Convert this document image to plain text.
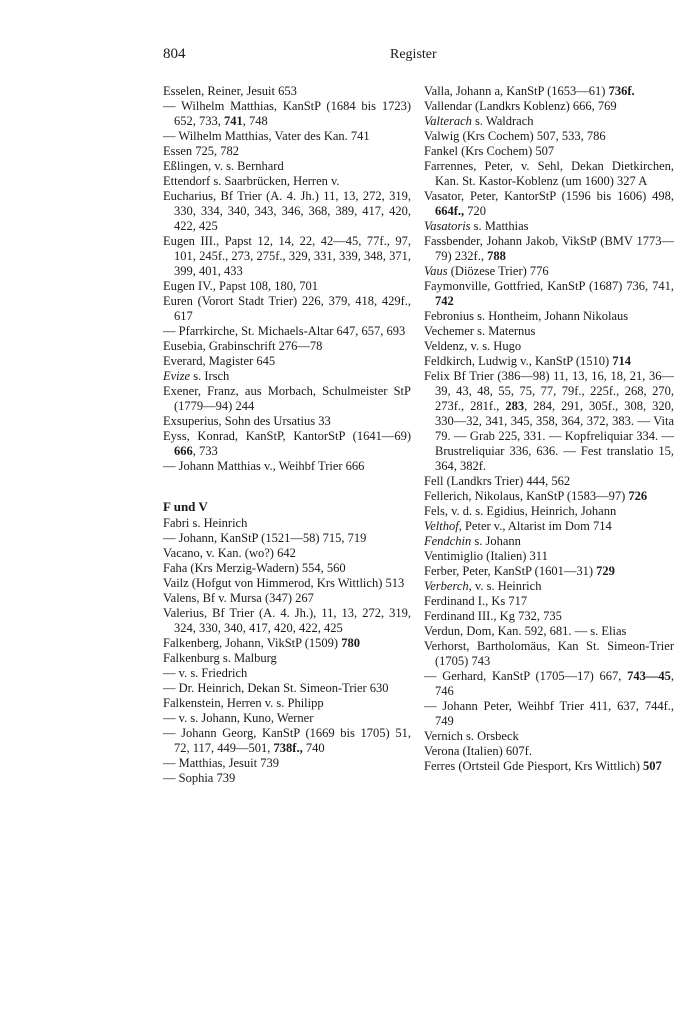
804	Register
Esselen, Reiner, Jesuit 653
— Wilhelm Matthias, KanStP (1684 bis 1723) 652, 733, 741, 748
— Wilhelm Matthias, Vater des Kan. 741
Essen 725, 782
Eßlingen, v. s. Bernhard
Ettendorf s. Saarbrücken, Herren v.
Eucharius, Bf Trier (A. 4. Jh.) 11, 13, 272, 319, 330, 334, 340, 343, 346, 368, 389, 417, 420, 422, 425
Eugen III., Papst 12, 14, 22, 42—45, 77f., 97, 101, 245f., 273, 275f., 329, 331, 339, 348, 371, 399, 401, 433
Eugen IV., Papst 108, 180, 701
Euren (Vorort Stadt Trier) 226, 379, 418, 429f., 617
— Pfarrkirche, St. Michaels-Altar 647, 657, 693
Eusebia, Grabinschrift 276—78
Everard, Magister 645
Evize s. Irsch
Exener, Franz, aus Morbach, Schulmeister StP (1779—94) 244
Exsuperius, Sohn des Ursatius 33
Eyss, Konrad, KanStP, KantorStP (1641—69) 666, 733
— Johann Matthias v., Weihbf Trier 666
F und V
Fabri s. Heinrich
— Johann, KanStP (1521—58) 715, 719
Vacano, v. Kan. (wo?) 642
Faha (Krs Merzig-Wadern) 554, 560
Vailz (Hofgut von Himmerod, Krs Wittlich) 513
Valens, Bf v. Mursa (347) 267
Valerius, Bf Trier (A. 4. Jh.), 11, 13, 272, 319, 324, 330, 340, 417, 420, 422, 425
Falkenberg, Johann, VikStP (1509) 780
Falkenburg s. Malburg
— v. s. Friedrich
— Dr. Heinrich, Dekan St. Simeon-Trier 630
Falkenstein, Herren v. s. Philipp
— v. s. Johann, Kuno, Werner
— Johann Georg, KanStP (1669 bis 1705) 51, 72, 117, 449—501, 738f., 740
— Matthias, Jesuit 739
— Sophia 739
Valla, Johann a, KanStP (1653—61) 736f.
Vallendar (Landkrs Koblenz) 666, 769
Valterach s. Waldrach
Valwig (Krs Cochem) 507, 533, 786
Fankel (Krs Cochem) 507
Farrennes, Peter, v. Sehl, Dekan Dietkirchen, Kan. St. Kastor-Koblenz (um 1600) 327 A
Vasator, Peter, KantorStP (1596 bis 1606) 498, 664f., 720
Vasatoris s. Matthias
Fassbender, Johann Jakob, VikStP (BMV 1773—79) 232f., 788
Vaus (Diözese Trier) 776
Faymonville, Gottfried, KanStP (1687) 736, 741, 742
Febronius s. Hontheim, Johann Nikolaus
Vechemer s. Maternus
Veldenz, v. s. Hugo
Feldkirch, Ludwig v., KanStP (1510) 714
Felix Bf Trier (386—98) 11, 13, 16, 18, 21, 36—39, 43, 48, 55, 75, 77, 79f., 225f., 268, 270, 273f., 281f., 283, 284, 291, 305f., 308, 320, 330—32, 341, 345, 358, 364, 372, 383. — Vita 79. — Grab 225, 331. — Kopfreliquiar 334. — Brustreliquiar 336, 636. — Fest translatio 15, 364, 382f.
Fell (Landkrs Trier) 444, 562
Fellerich, Nikolaus, KanStP (1583—97) 726
Fels, v. d. s. Egidius, Heinrich, Johann
Velthof, Peter v., Altarist im Dom 714
Fendchin s. Johann
Ventimiglio (Italien) 311
Ferber, Peter, KanStP (1601—31) 729
Verberch, v. s. Heinrich
Ferdinand I., Ks 717
Ferdinand III., Kg 732, 735
Verdun, Dom, Kan. 592, 681. — s. Elias
Verhorst, Bartholomäus, Kan St. Simeon-Trier (1705) 743
— Gerhard, KanStP (1705—17) 667, 743—45, 746
— Johann Peter, Weihbf Trier 411, 637, 744f., 749
Vernich s. Orsbeck
Verona (Italien) 607f.
Ferres (Ortsteil Gde Piesport, Krs Wittlich) 507
